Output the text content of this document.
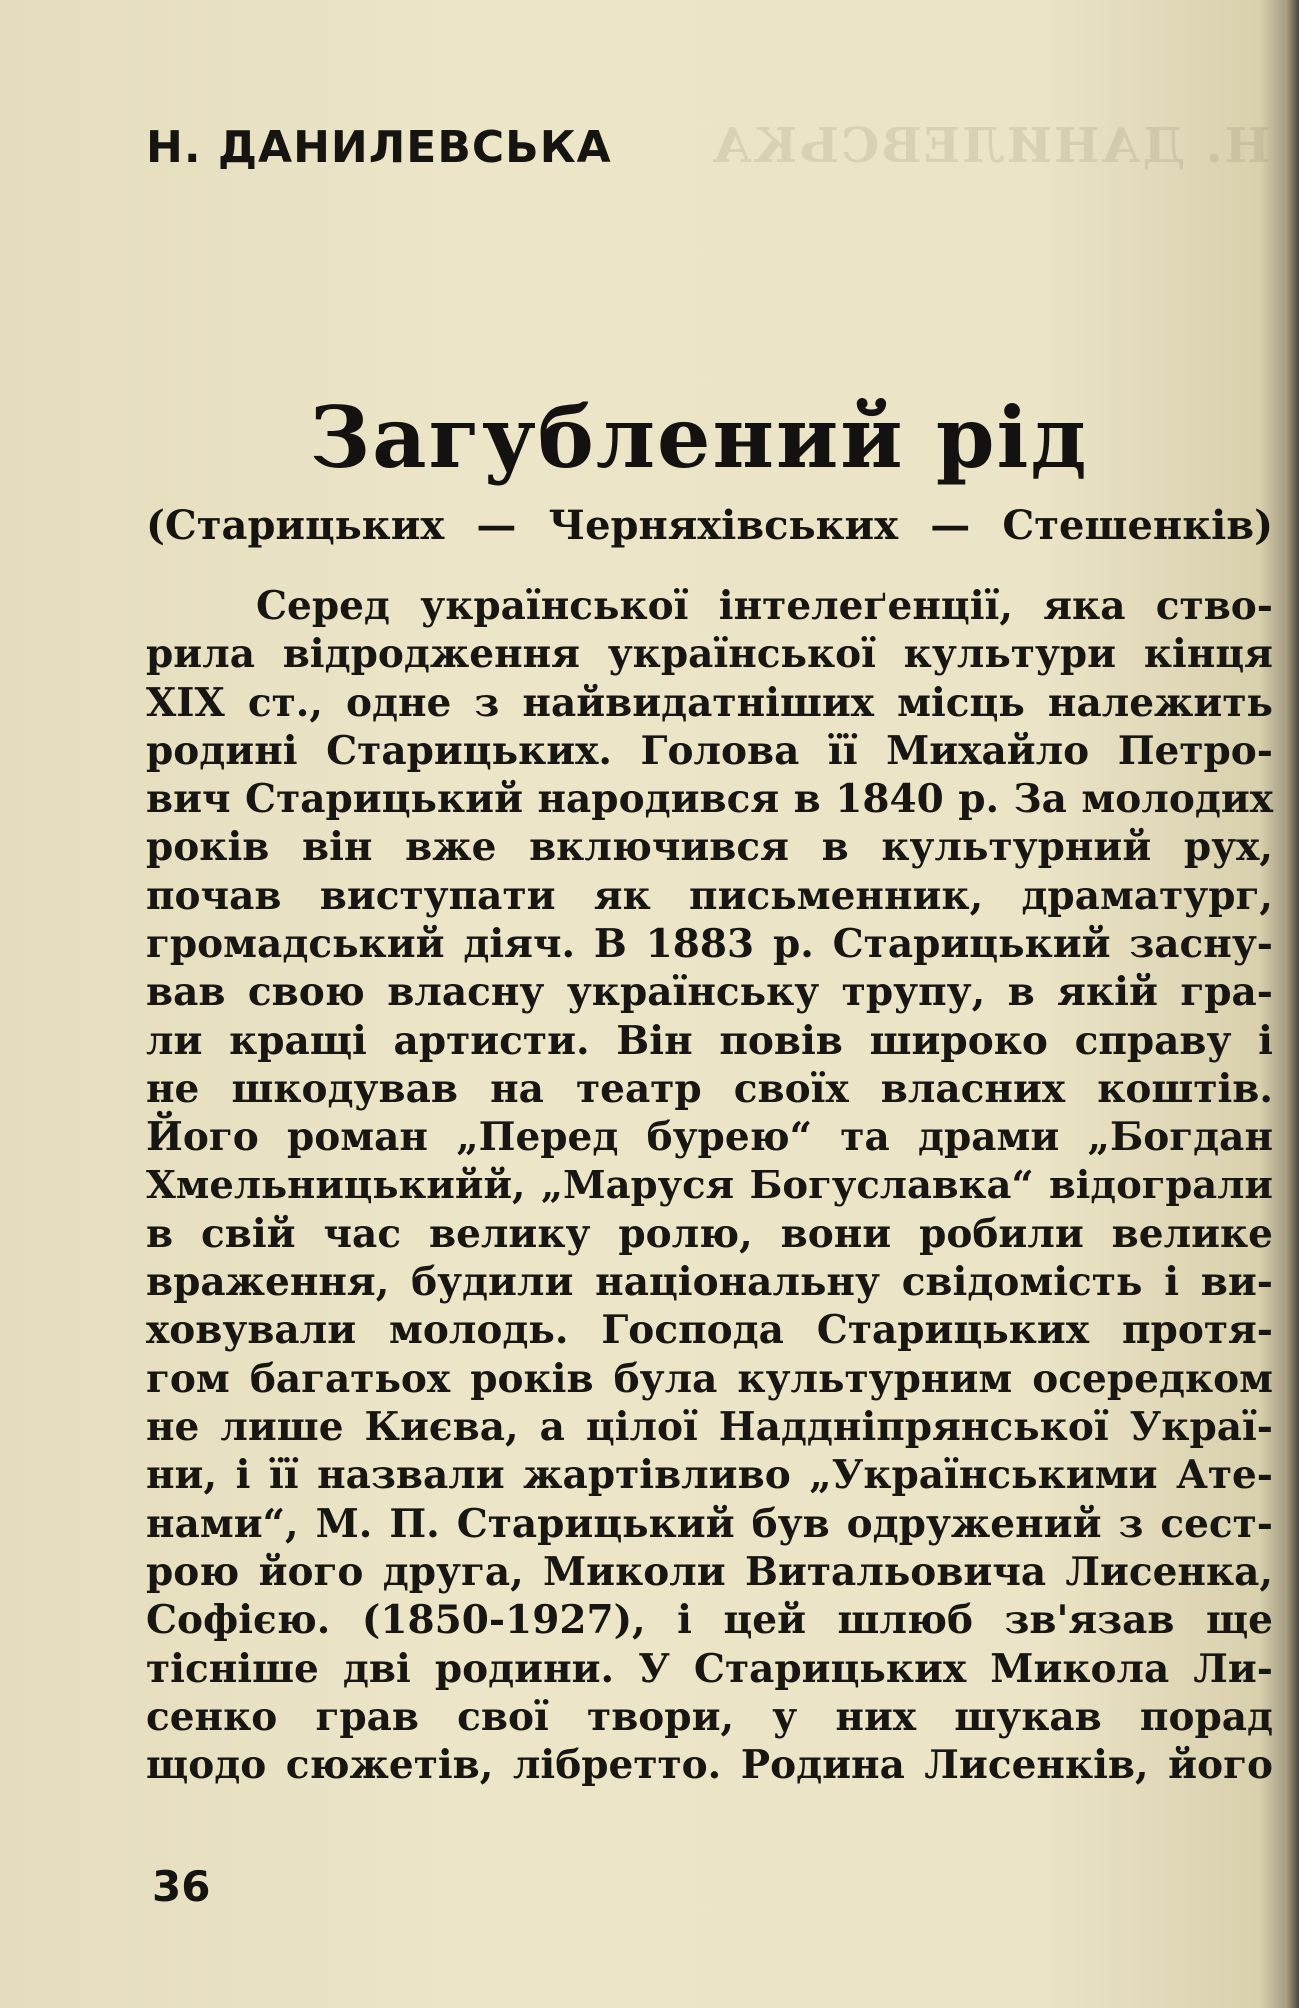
Н. ДАНИЛЕВСЬКА
Н. ДАНИЛЕВСЬКА
Загублений рід
(Старицьких — Черняхівських — Стешенків)
Серед української інтелеґенції, яка ство-
рила відродження української культури кінця
XIX ст., одне з найвидатніших місць належить
родині Старицьких. Голова її Михайло Петро-
вич Старицький народився в 1840 р. За молодих
років він вже включився в культурний рух,
почав виступати як письменник, драматург,
громадський діяч. В 1883 р. Старицький засну-
вав свою власну українську трупу, в якій гра-
ли кращі артисти. Він повів широко справу і
не шкодував на театр своїх власних коштів.
Його роман „Перед бурею“ та драми „Богдан
Хмельницькийй, „Маруся Богуславка“ відограли
в свій час велику ролю, вони робили велике
враження, будили національну свідомість і ви-
ховували молодь. Господа Старицьких протя-
гом багатьох років була культурним осередком
не лише Києва, а цілої Наддніпрянської Украї-
ни, і її назвали жартівливо „Українськими Ате-
нами“, М. П. Старицький був одружений з сест-
рою його друга, Миколи Витальовича Лисенка,
Софією. (1850-1927), і цей шлюб зв'язав ще
тісніше дві родини. У Старицьких Микола Ли-
сенко грав свої твори, у них шукав порад
щодо сюжетів, лібретто. Родина Лисенків, його
36
